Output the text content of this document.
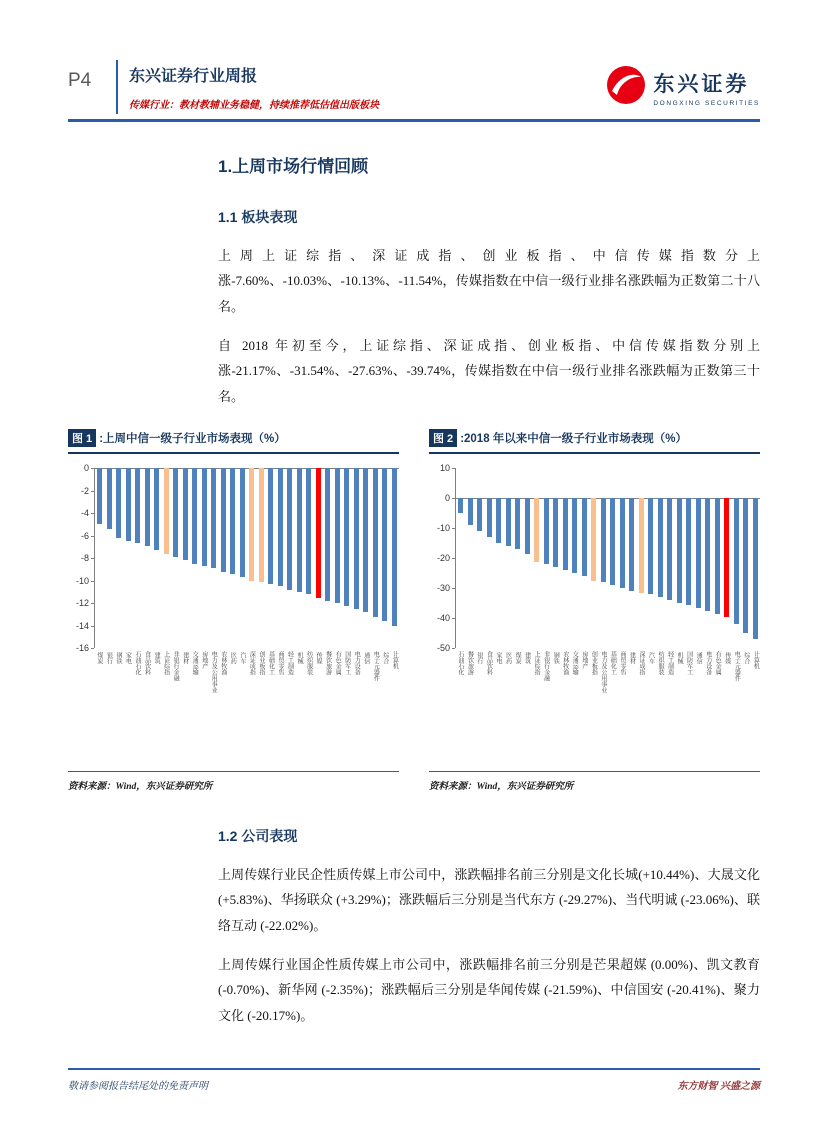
P4	东兴证券行业周报
传媒行业：教材教辅业务稳健，持续推荐低估值出版板块
东兴证券
DONGXING SECURITIES
1.上周市场行情回顾
1.1 板块表现

上周上证综指、深证成指、创业板指、中信传媒指数分上涨-7.60%、-10.03%、-10.13%、-11.54%，传媒指数在中信一级行业排名涨跌幅为正数第二十八名。

自 2018 年初至今，上证综指、深证成指、创业板指、中信传媒指数分别上涨-21.17%、-31.54%、-27.63%、-39.74%，传媒指数在中信一级行业排名涨跌幅为正数第三十名。

图 1 :上周中信一级子行业市场表现（%）
0
-2
-4
-6
-8
-10
-12
-14
-16
煤炭 银行 钢铁 家电 石油石化 食品饮料 建筑 上证综指 非银行金融 建材 交通运输 房地产 电力及公用事业 农林牧渔 医药 汽车 深证成指 创业板指 基础化工 商贸零售 轻工制造 机械 纺织服装 传媒 餐饮旅游 有色金属 国防军工 电力设备 通信 电子元器件 综合 计算机
资料来源：Wind，东兴证券研究所
图 2 :2018 年以来中信一级子行业市场表现（%）
10
0
-10
-20
-30
-40
-50
石油石化 餐饮旅游 银行 食品饮料 家电 医药 煤炭 建筑 上证综指 非银行金融 钢铁 农林牧渔 交通运输 房地产 创业板指 电力及公用事业 基础化工 商贸零售 建材 深证成指 汽车 纺织服装 轻工制造 机械 国防军工 通信 电力设备 有色金属 传媒 电子元器件 综合 计算机
资料来源：Wind，东兴证券研究所
1.2 公司表现

上周传媒行业民企性质传媒上市公司中，涨跌幅排名前三分别是文化长城(+10.44%)、大晟文化 (+5.83%)、华扬联众 (+3.29%)；涨跌幅后三分别是当代东方 (-29.27%)、当代明诚 (-23.06%)、联络互动 (-22.02%)。

上周传媒行业国企性质传媒上市公司中，涨跌幅排名前三分别是芒果超媒 (0.00%)、凯文教育 (-0.70%)、新华网 (-2.35%)；涨跌幅后三分别是华闻传媒 (-21.59%)、中信国安 (-20.41%)、聚力文化 (-20.17%)。

敬请参阅报告结尾处的免责声明	东方财智 兴盛之源
